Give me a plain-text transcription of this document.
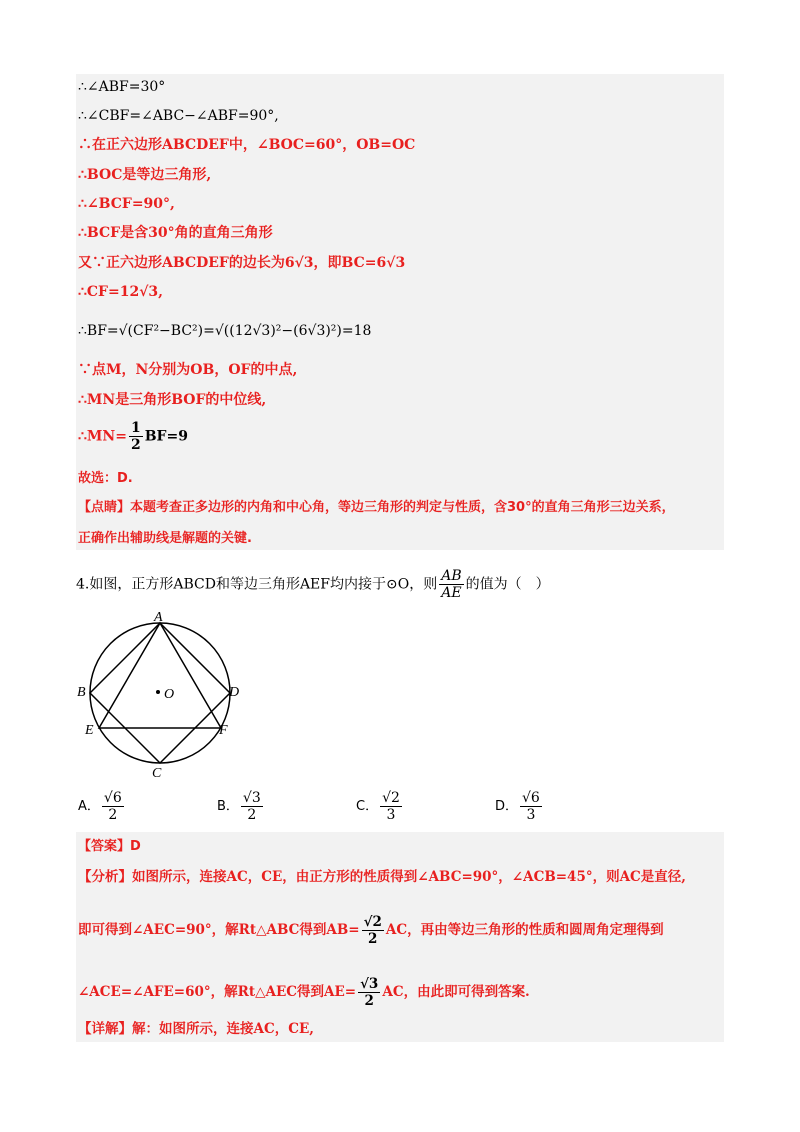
∴∠ABF=30°
∴∠CBF=∠ABC−∠ABF=90°,
∴在正六边形ABCDEF中，∠BOC=60°，OB=OC
∴BOC是等边三角形,
∴∠BCF=90°,
∴BCF是含30°角的直角三角形
又∵正六边形ABCDEF的边长为6√3，即BC=6√3
∴CF=12√3,
∴BF=√(CF²−BC²)=√((12√3)²−(6√3)²)=18
∵点M，N分别为OB，OF的中点,
∴MN是三角形BOF的中位线,
∴MN= $\frac{1}{2} BF=9$
故选：D.
【点睛】本题考查正多边形的内角和中心角，等边三角形的判定与性质，含30°的直角三角形三边关系，
正确作出辅助线是解题的关键.
4.如图，正方形ABCD和等边三角形AEF均内接于⊙O，则 $\frac{AB}{AE}$ 的值为（　）
A
B	D
E	F
C
O
A． $\frac{√6}{2}$	B． $\frac{√3}{2}$	C． $\frac{√2}{3}$	D． $\frac{√6}{3}$
【答案】D
【分析】如图所示，连接AC，CE，由正方形的性质得到∠ABC=90°，∠ACB=45°，则AC是直径,
即可得到∠AEC=90°，解Rt△ABC得到$AB= \frac{√2}{2}$ AC，再由等边三角形的性质和圆周角定理得到
∠ACE=∠AFE=60°，解Rt△AEC得到$AE= \frac{√3}{2}$ AC，由此即可得到答案.
【详解】解：如图所示，连接AC，CE,
